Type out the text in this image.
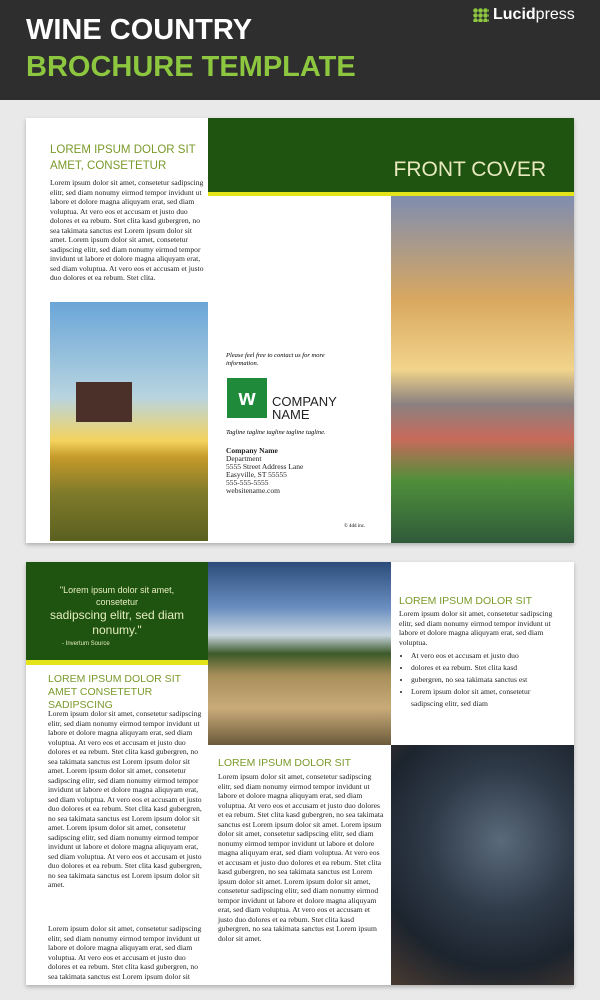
WINE COUNTRY
BROCHURE TEMPLATE
Lucid press
LOREM IPSUM DOLOR SIT AMET, CONSETETUR
Lorem ipsum dolor sit amet, consetetur sadipscing elitr, sed diam nonumy eirmod tempor invidunt ut labore et dolore magna aliquyam erat, sed diam voluptua. At vero eos et accusam et justo duo dolores et ea rebum. Stet clita kasd gubergren, no sea takimata sanctus est Lorem ipsum dolor sit amet. Lorem ipsum dolor sit amet, consetetur sadipscing elitr, sed diam nonumy eirmod tempor invidunt ut labore et dolore magna aliquyam erat, sed diam voluptua. At vero eos et accusam et justo duo dolores et ea rebum. Stet clita.
FRONT COVER
Please feel free to contact us for more information.
w	COMPANY NAME
Tagline tagline tagline tagline tagline.
Company Name
Department
5555 Street Address Lane
Easyville, ST 55555
555-555-5555
websitename.com
© 4dd inc.
"Lorem ipsum dolor sit amet, consetetur
sadipscing elitr, sed diam nonumy."
- Invertum Source
LOREM IPSUM DOLOR SIT AMET CONSETETUR SADIPSCING
Lorem ipsum dolor sit amet, consetetur sadipscing elitr, sed diam nonumy eirmod tempor invidunt ut labore et dolore magna aliquyam erat, sed diam voluptua. At vero eos et accusam et justo duo dolores et ea rebum. Stet clita kasd gubergren, no sea takimata sanctus est Lorem ipsum dolor sit amet. Lorem ipsum dolor sit amet, consetetur sadipscing elitr, sed diam nonumy eirmod tempor invidunt ut labore et dolore magna aliquyam erat, sed diam voluptua. At vero eos et accusam et justo duo dolores et ea rebum. Stet clita kasd gubergren, no sea takimata sanctus est Lorem ipsum dolor sit amet. Lorem ipsum dolor sit amet, consetetur sadipscing elitr, sed diam nonumy eirmod tempor invidunt ut labore et dolore magna aliquyam erat, sed diam voluptua. At vero eos et accusam et justo duo dolores et ea rebum. Stet clita kasd gubergren, no sea takimata sanctus est Lorem ipsum dolor sit amet.
Lorem ipsum dolor sit amet, consetetur sadipscing elitr, sed diam nonumy eirmod tempor invidunt ut labore et dolore magna aliquyam erat, sed diam voluptua. At vero eos et accusam et justo duo dolores et ea rebum. Stet clita kasd gubergren, no sea takimata sanctus est Lorem ipsum dolor sit
LOREM IPSUM DOLOR SIT
Lorem ipsum dolor sit amet, consetetur sadipscing elitr, sed diam nonumy eirmod tempor invidunt ut labore et dolore magna aliquyam erat, sed diam voluptua. At vero eos et accusam et justo duo dolores et ea rebum. Stet clita kasd gubergren, no sea takimata sanctus est Lorem ipsum dolor sit amet. Lorem ipsum dolor sit amet, consetetur sadipscing elitr, sed diam nonumy eirmod tempor invidunt ut labore et dolore magna aliquyam erat, sed diam voluptua. At vero eos et accusam et justo duo dolores et ea rebum. Stet clita kasd gubergren, no sea takimata sanctus est Lorem ipsum dolor sit amet. Lorem ipsum dolor sit amet, consetetur sadipscing elitr, sed diam nonumy eirmod tempor invidunt ut labore et dolore magna aliquyam erat, sed diam voluptua. At vero eos et accusam et justo duo dolores et ea rebum. Stet clita kasd gubergren, no sea takimata sanctus est Lorem ipsum dolor sit amet.
LOREM IPSUM DOLOR SIT
Lorem ipsum dolor sit amet, consetetur sadipscing elitr, sed diam nonumy eirmod tempor invidunt ut labore et dolore magna aliquyam erat, sed diam voluptua.
• At vero eos et accusam et justo duo
• dolores et ea rebum. Stet clita kasd
• gubergren, no sea takimata sanctus est
• Lorem ipsum dolor sit amet, consetetur sadipscing elitr, sed diam
